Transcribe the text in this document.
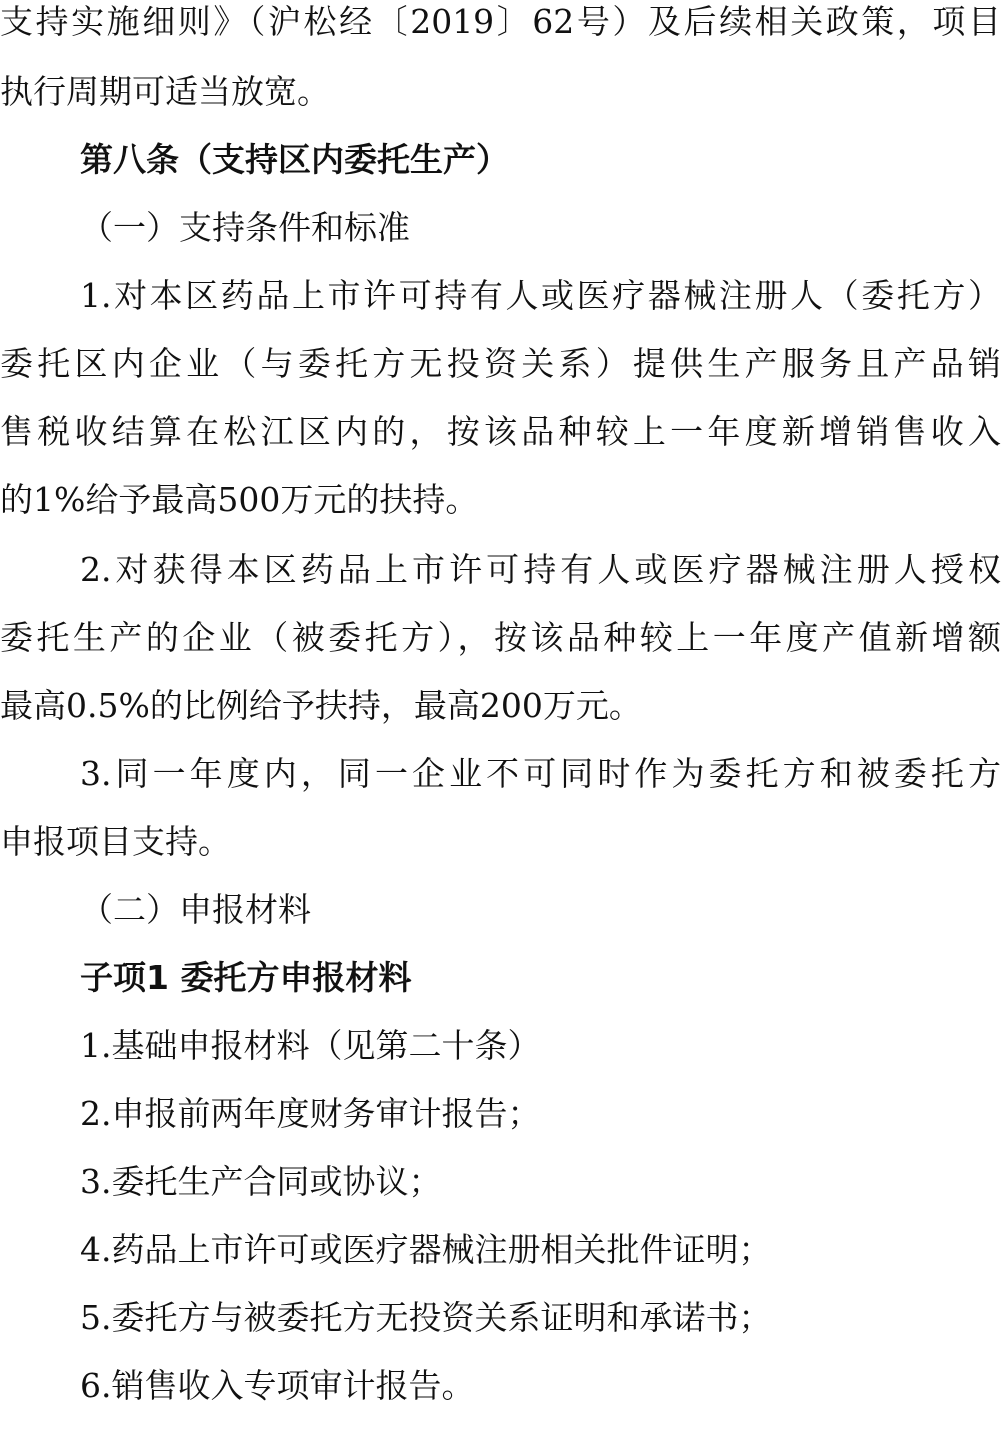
支持实施细则》（沪松经〔2019〕62号）及后续相关政策，项目
执行周期可适当放宽。
第八条（支持区内委托生产）
（一）支持条件和标准
1.对本区药品上市许可持有人或医疗器械注册人（委托方）
委托区内企业（与委托方无投资关系）提供生产服务且产品销
售税收结算在松江区内的，按该品种较上一年度新增销售收入
的1%给予最高500万元的扶持。
2.对获得本区药品上市许可持有人或医疗器械注册人授权
委托生产的企业（被委托方），按该品种较上一年度产值新增额
最高0.5%的比例给予扶持，最高200万元。
3.同一年度内，同一企业不可同时作为委托方和被委托方
申报项目支持。
（二）申报材料
子项1 委托方申报材料
1.基础申报材料（见第二十条）
2.申报前两年度财务审计报告；
3.委托生产合同或协议；
4.药品上市许可或医疗器械注册相关批件证明；
5.委托方与被委托方无投资关系证明和承诺书；
6.销售收入专项审计报告。
